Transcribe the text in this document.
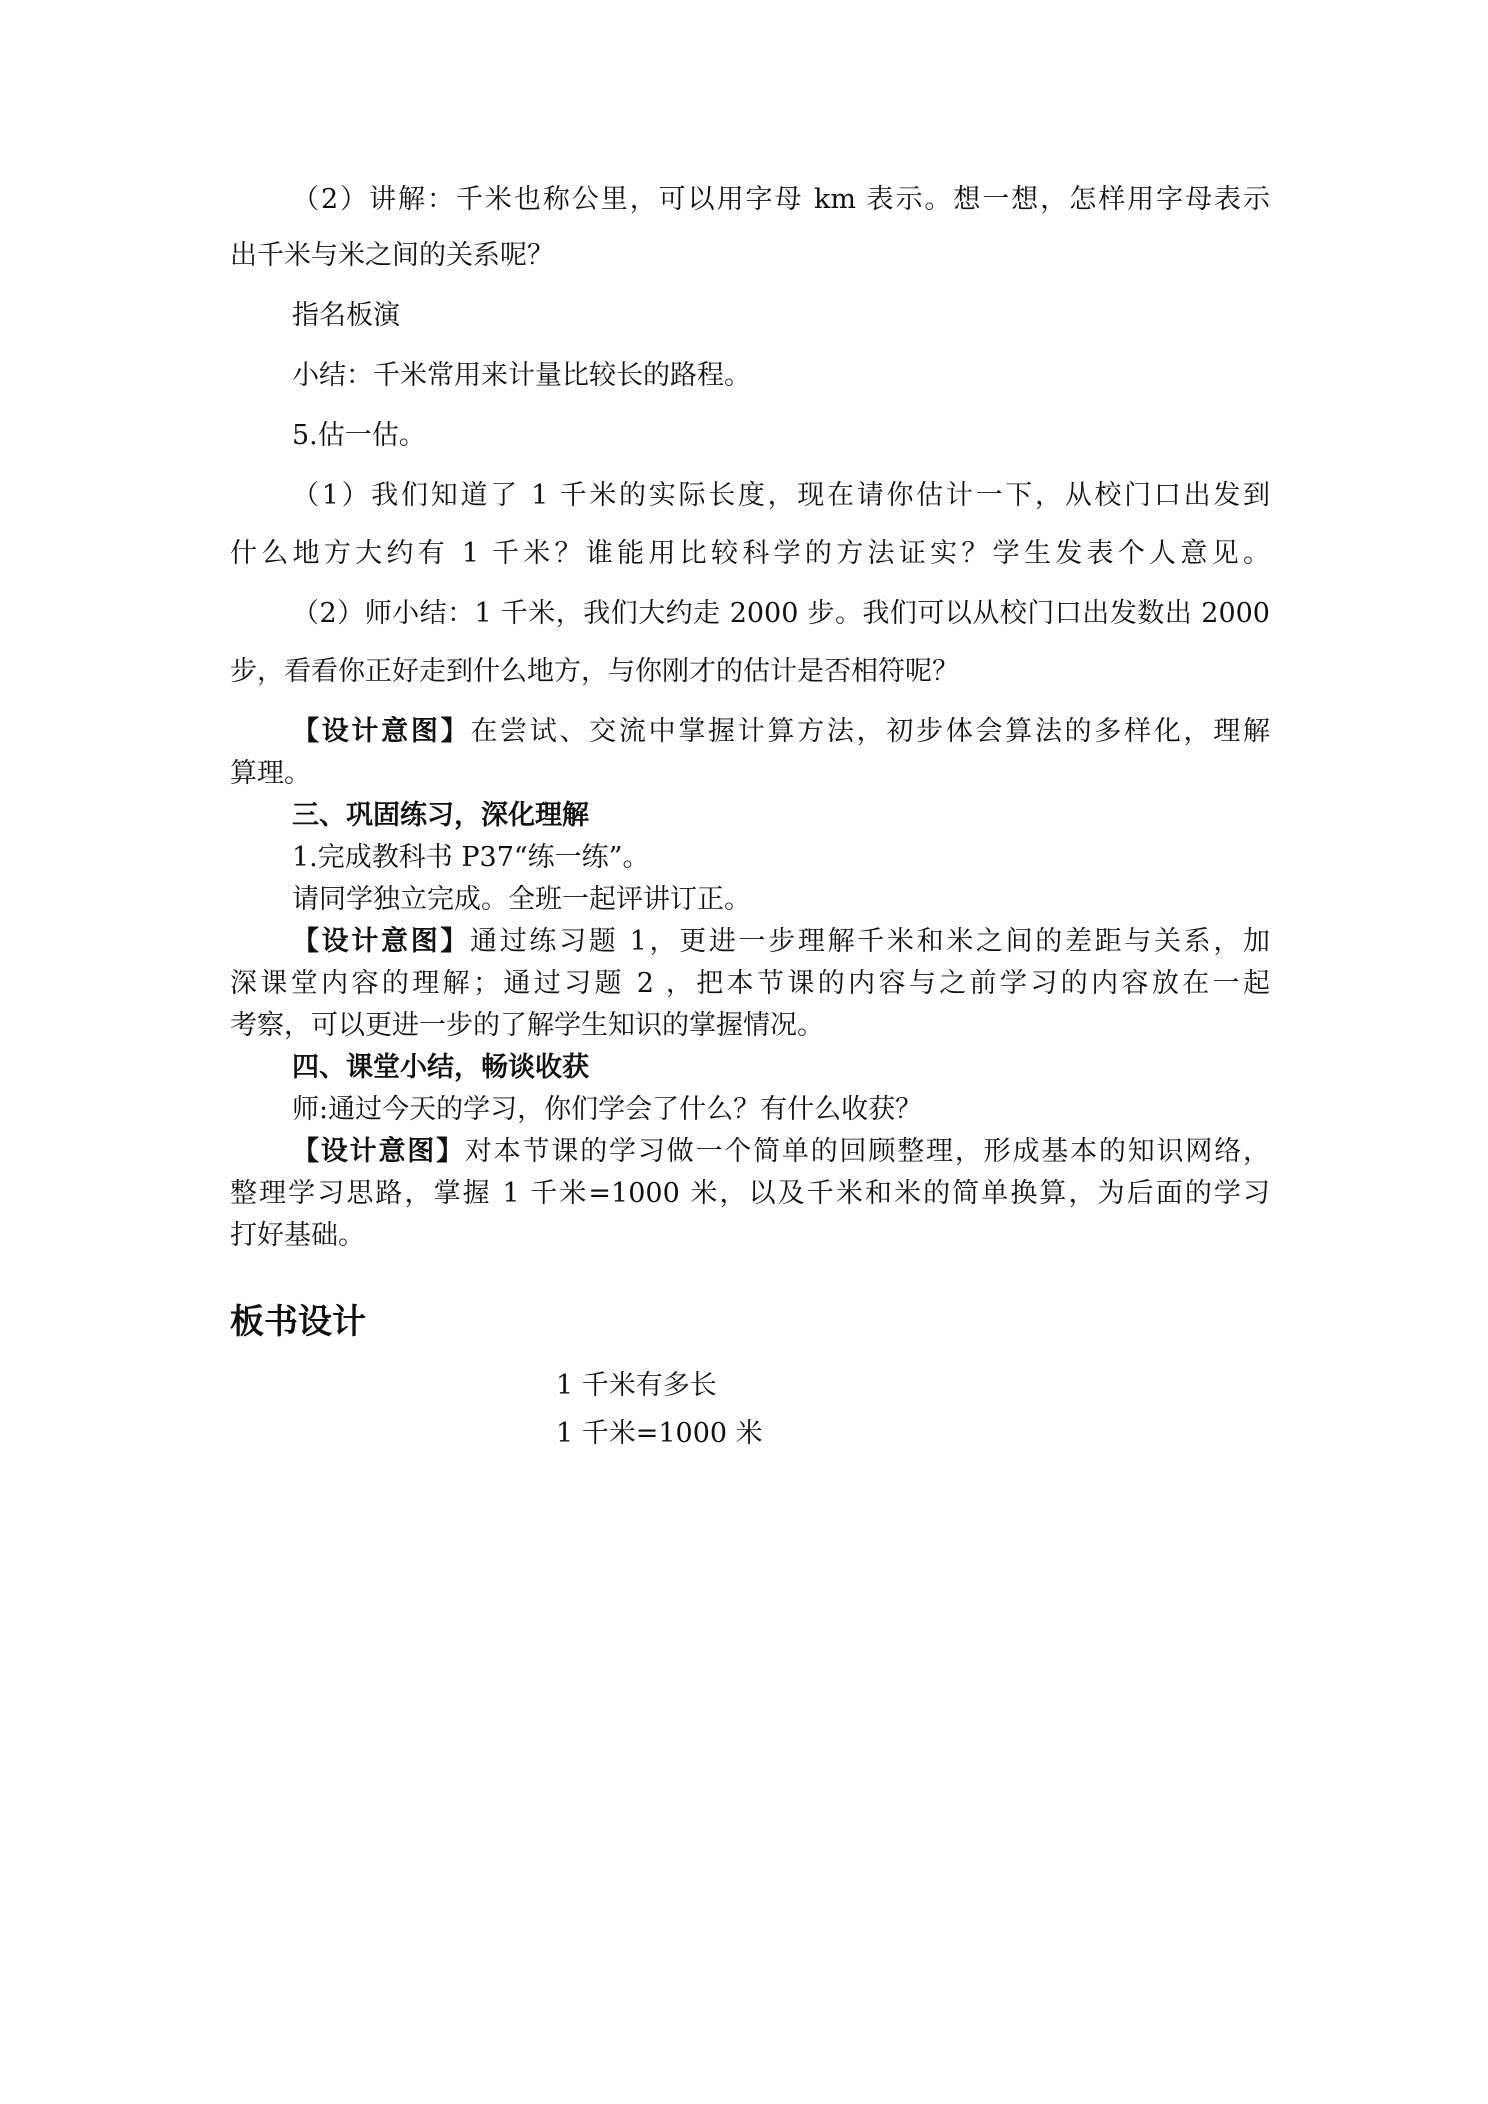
（2）讲解：千米也称公里，可以用字母 km 表示。想一想，怎样用字母表示
出千米与米之间的关系呢？
指名板演
小结：千米常用来计量比较长的路程。
5.估一估。
（1）我们知道了 1 千米的实际长度，现在请你估计一下，从校门口出发到
什么地方大约有 1 千米？谁能用比较科学的方法证实？学生发表个人意见。
（2）师小结：1 千米，我们大约走 2000 步。我们可以从校门口出发数出 2000
步，看看你正好走到什么地方，与你刚才的估计是否相符呢？
【设计意图】在尝试、交流中掌握计算方法，初步体会算法的多样化，理解
算理。
三、巩固练习，深化理解
1.完成教科书 P37“练一练”。
请同学独立完成。全班一起评讲订正。
【设计意图】通过练习题 1，更进一步理解千米和米之间的差距与关系，加
深课堂内容的理解；通过习题 2 ，把本节课的内容与之前学习的内容放在一起
考察，可以更进一步的了解学生知识的掌握情况。
四、课堂小结，畅谈收获
师:通过今天的学习，你们学会了什么？有什么收获？
【设计意图】对本节课的学习做一个简单的回顾整理，形成基本的知识网络，
整理学习思路，掌握 1 千米=1000 米，以及千米和米的简单换算，为后面的学习
打好基础。
板书设计
1 千米有多长
1 千米=1000 米
